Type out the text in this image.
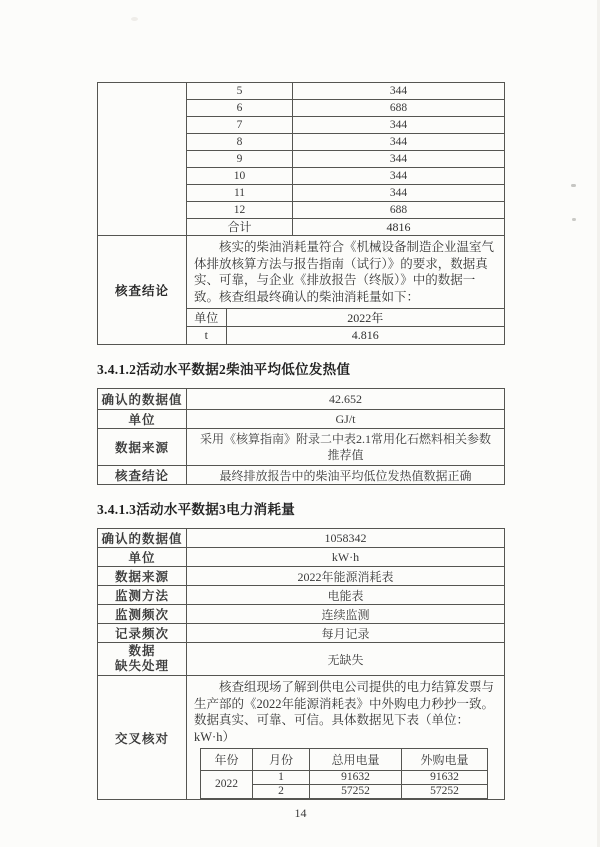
	5	344
6	688
7	344
8	344
9	344
10	344
11	344
12	688
合计	4816
核查结论	
核实的柴油消耗量符合《机械设备制造企业温室气体排放核算方法与报告指南（试行）》的要求，数据真实、可靠，与企业《排放报告（终版）》中的数据一致。核查组最终确认的柴油消耗量如下：
单位	2022年
t	4.816
3.4.1.2活动水平数据2柴油平均低位发热值
确认的数据值	42.652
单位	GJ/t
数据来源	采用《核算指南》附录二中表2.1常用化石燃料相关参数推荐值
核查结论	最终排放报告中的柴油平均低位发热值数据正确
3.4.1.3活动水平数据3电力消耗量
确认的数据值	1058342
单位	kW·h
数据来源	2022年能源消耗表
监测方法	电能表
监测频次	连续监测
记录频次	每月记录

数据
缺失处理	无缺失
交叉核对	
核查组现场了解到供电公司提供的电力结算发票与生产部的《2022年能源消耗表》中外购电力秒抄一致。数据真实、可靠、可信。具体数据见下表（单位：kW·h）
年份	月份	总用电量	外购电量
2022	1	91632	91632
2	57252	57252
14
